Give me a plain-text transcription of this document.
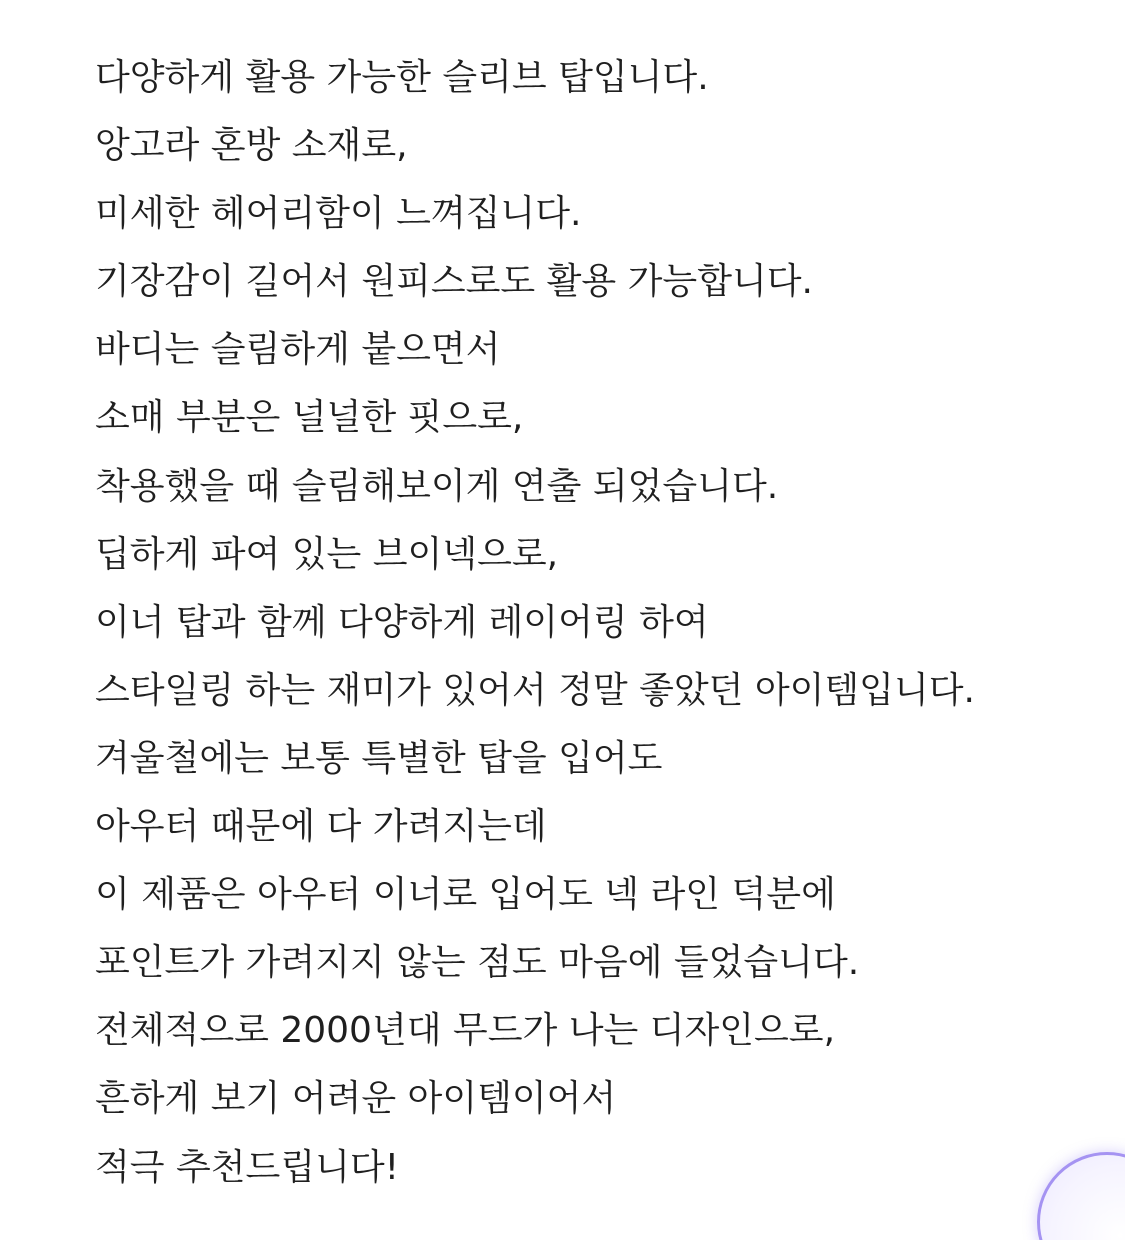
다양하게 활용 가능한 슬리브 탑입니다.
앙고라 혼방 소재로,
미세한 헤어리함이 느껴집니다.
기장감이 길어서 원피스로도 활용 가능합니다.
바디는 슬림하게 붙으면서
소매 부분은 널널한 핏으로,
착용했을 때 슬림해보이게 연출 되었습니다.
딥하게 파여 있는 브이넥으로,
이너 탑과 함께 다양하게 레이어링 하여
스타일링 하는 재미가 있어서 정말 좋았던 아이템입니다.
겨울철에는 보통 특별한 탑을 입어도
아우터 때문에 다 가려지는데
이 제품은 아우터 이너로 입어도 넥 라인 덕분에
포인트가 가려지지 않는 점도 마음에 들었습니다.
전체적으로 2000년대 무드가 나는 디자인으로,
흔하게 보기 어려운 아이템이어서
적극 추천드립니다!
